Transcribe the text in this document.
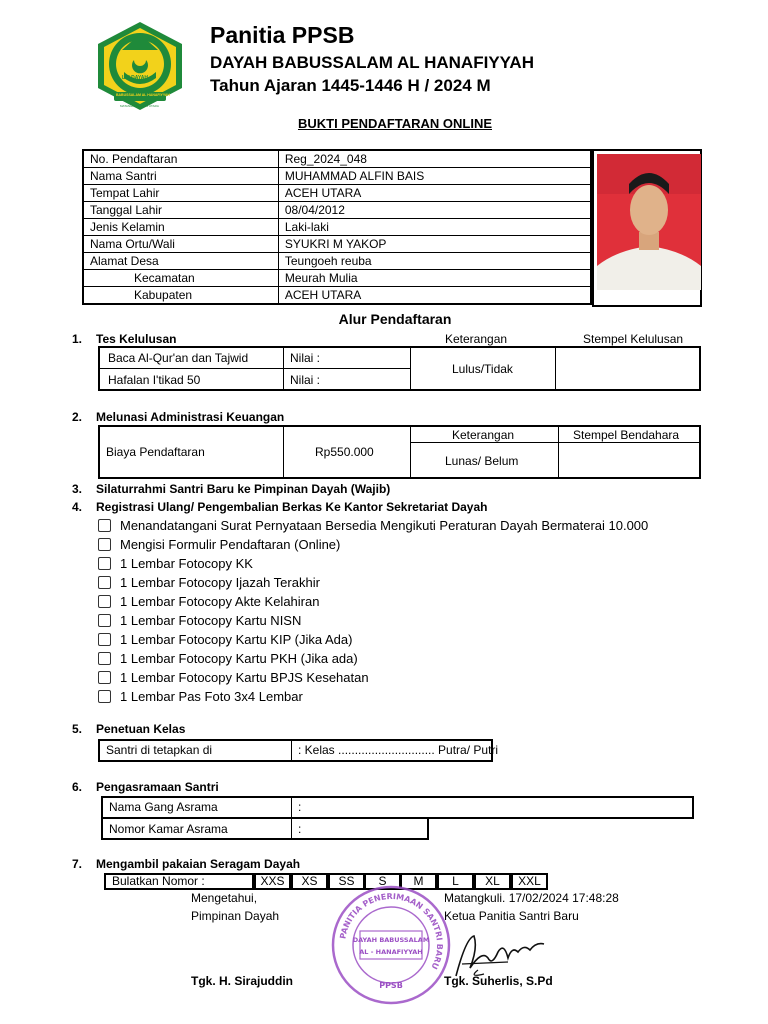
LPI DAYAH
BABUSSALAM AL HANAFIYYAH
MATANGKULI ACEH UTARA
Panitia PPSB
DAYAH BABUSSALAM AL HANAFIYYAH
Tahun Ajaran 1445-1446 H / 2024 M
BUKTI PENDAFTARAN ONLINE
No. Pendaftaran	Reg_2024_048
Nama Santri	MUHAMMAD ALFIN BAIS
Tempat Lahir	ACEH UTARA
Tanggal Lahir	08/04/2012
Jenis Kelamin	Laki-laki
Nama Ortu/Wali	SYUKRI M YAKOP
Alamat Desa	Teungoeh reuba
Kecamatan	Meurah Mulia
Kabupaten	ACEH UTARA
Alur Pendaftaran
1. Tes Kelulusan	Keterangan	Stempel Kelulusan
Baca Al-Qur'an dan Tajwid	Nilai :
Hafalan I'tikad 50	Nilai :
Lulus/Tidak
2. Melunasi Administrasi Keuangan
Biaya Pendaftaran	Rp550.000
Keterangan	Stempel Bendahara
Lunas/ Belum
3. Silaturrahmi Santri Baru ke Pimpinan Dayah (Wajib)
4. Registrasi Ulang/ Pengembalian Berkas Ke Kantor Sekretariat Dayah
Menandatangani Surat Pernyataan Bersedia Mengikuti Peraturan Dayah Bermaterai 10.000
Mengisi Formulir Pendaftaran (Online)
1 Lembar Fotocopy KK
1 Lembar Fotocopy Ijazah Terakhir
1 Lembar Fotocopy Akte Kelahiran
1 Lembar Fotocopy Kartu NISN
1 Lembar Fotocopy Kartu KIP (Jika Ada)
1 Lembar Fotocopy Kartu PKH (Jika ada)
1 Lembar Fotocopy Kartu BPJS Kesehatan
1 Lembar Pas Foto 3x4 Lembar
5. Penetuan Kelas
Santri di tetapkan di	: Kelas ............................. Putra/ Putri
6. Pengasramaan Santri
Nama Gang Asrama	:
Nomor Kamar Asrama	:
7. Mengambil pakaian Seragam Dayah
Bulatkan Nomor :	XXS	XS	SS	S	M	L	XL	XXL
Mengetahui,
Pimpinan Dayah
Tgk. H. Sirajuddin
Matangkuli. 17/02/2024 17:48:28
Ketua Panitia Santri Baru
Tgk. Suherlis, S.Pd
PANITIA PENERIMAAN SANTRI BARU
DAYAH BABUSSALAM
AL - HANAFIYYAH
PPSB
